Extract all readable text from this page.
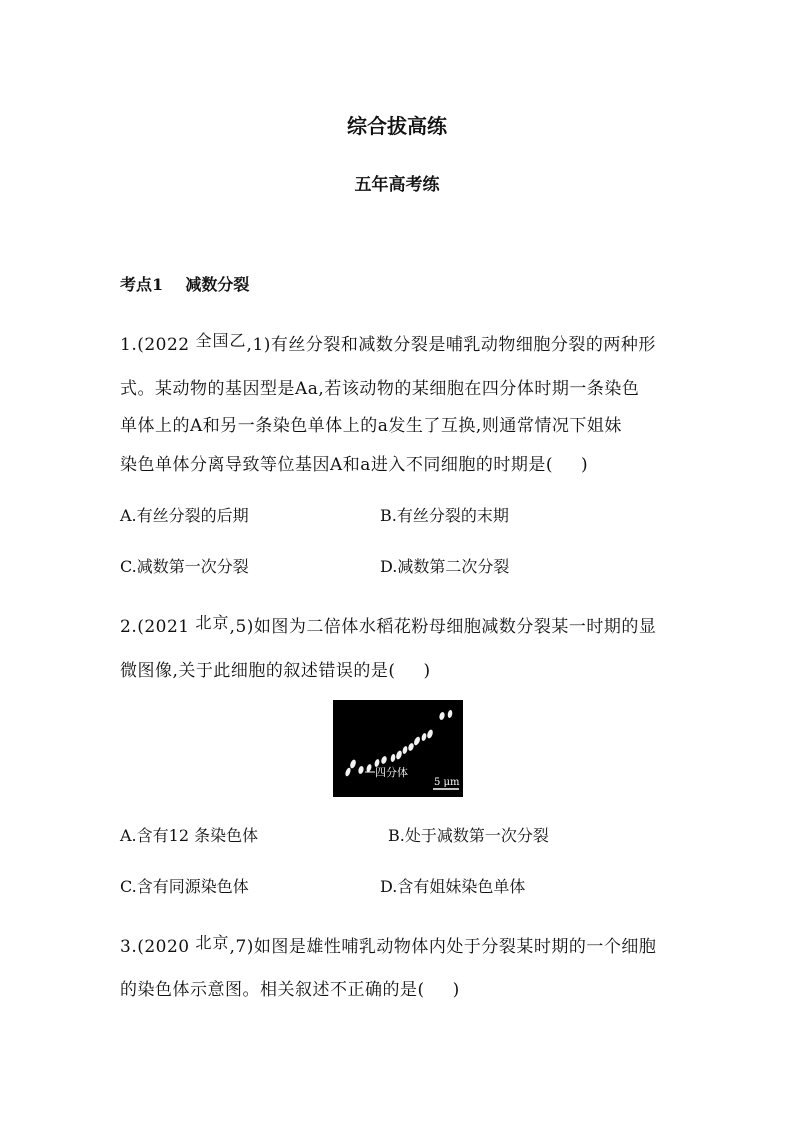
综合拔高练
五年高考练
考点1 减数分裂
1.(2022 全国乙,1)有丝分裂和减数分裂是哺乳动物细胞分裂的两种形
式。某动物的基因型是Aa,若该动物的某细胞在四分体时期一条染色
单体上的A和另一条染色单体上的a发生了互换,则通常情况下姐妹
染色单体分离导致等位基因A和a进入不同细胞的时期是( )
A.有丝分裂的后期	B.有丝分裂的末期
C.减数第一次分裂	D.减数第二次分裂
2.(2021 北京,5)如图为二倍体水稻花粉母细胞减数分裂某一时期的显
微图像,关于此细胞的叙述错误的是( )
四分体
5 μm
A.含有12 条染色体	B.处于减数第一次分裂
C.含有同源染色体	D.含有姐妹染色单体
3.(2020 北京,7)如图是雄性哺乳动物体内处于分裂某时期的一个细胞
的染色体示意图。相关叙述不正确的是( )
